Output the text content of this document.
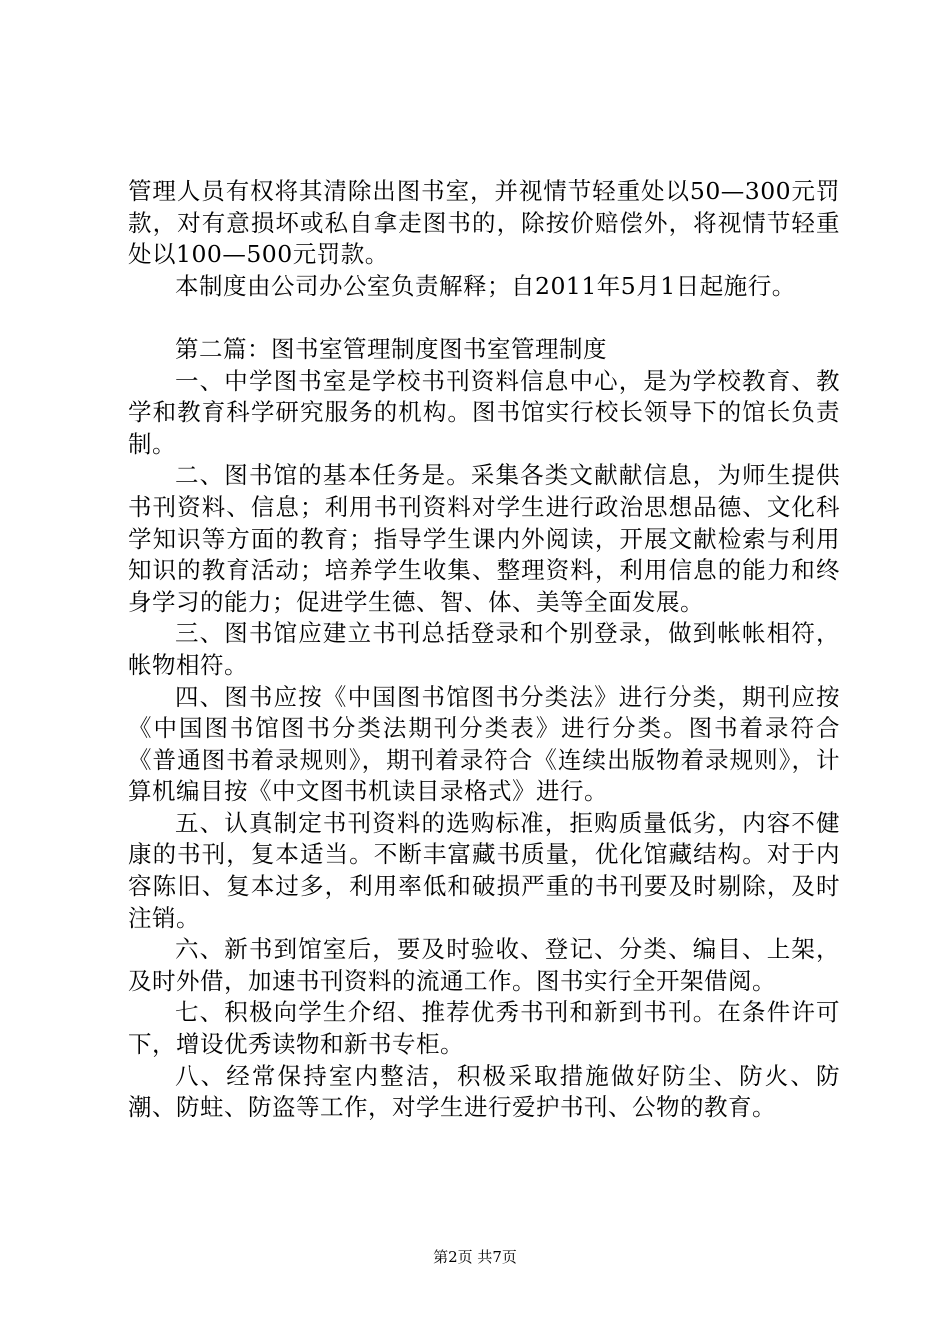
管理人员有权将其清除出图书室，并视情节轻重处以50—300元罚款，对有意损坏或私自拿走图书的，除按价赔偿外，将视情节轻重处以100—500元罚款。

本制度由公司办公室负责解释；自2011年5月1日起施行。

第二篇：图书室管理制度图书室管理制度

一、中学图书室是学校书刊资料信息中心，是为学校教育、教学和教育科学研究服务的机构。图书馆实行校长领导下的馆长负责制。

二、图书馆的基本任务是。采集各类文献献信息，为师生提供书刊资料、信息；利用书刊资料对学生进行政治思想品德、文化科学知识等方面的教育；指导学生课内外阅读，开展文献检索与利用知识的教育活动；培养学生收集、整理资料，利用信息的能力和终身学习的能力；促进学生德、智、体、美等全面发展。

三、图书馆应建立书刊总括登录和个别登录，做到帐帐相符，帐物相符。

四、图书应按《中国图书馆图书分类法》进行分类，期刊应按《中国图书馆图书分类法期刊分类表》进行分类。图书着录符合《普通图书着录规则》，期刊着录符合《连续出版物着录规则》，计算机编目按《中文图书机读目录格式》进行。

五、认真制定书刊资料的选购标准，拒购质量低劣，内容不健康的书刊，复本适当。不断丰富藏书质量，优化馆藏结构。对于内容陈旧、复本过多，利用率低和破损严重的书刊要及时剔除，及时注销。

六、新书到馆室后，要及时验收、登记、分类、编目、上架，及时外借，加速书刊资料的流通工作。图书实行全开架借阅。

七、积极向学生介绍、推荐优秀书刊和新到书刊。在条件许可下，增设优秀读物和新书专柜。

八、经常保持室内整洁，积极采取措施做好防尘、防火、防潮、防蛀、防盗等工作，对学生进行爱护书刊、公物的教育。

第2页 共7页
